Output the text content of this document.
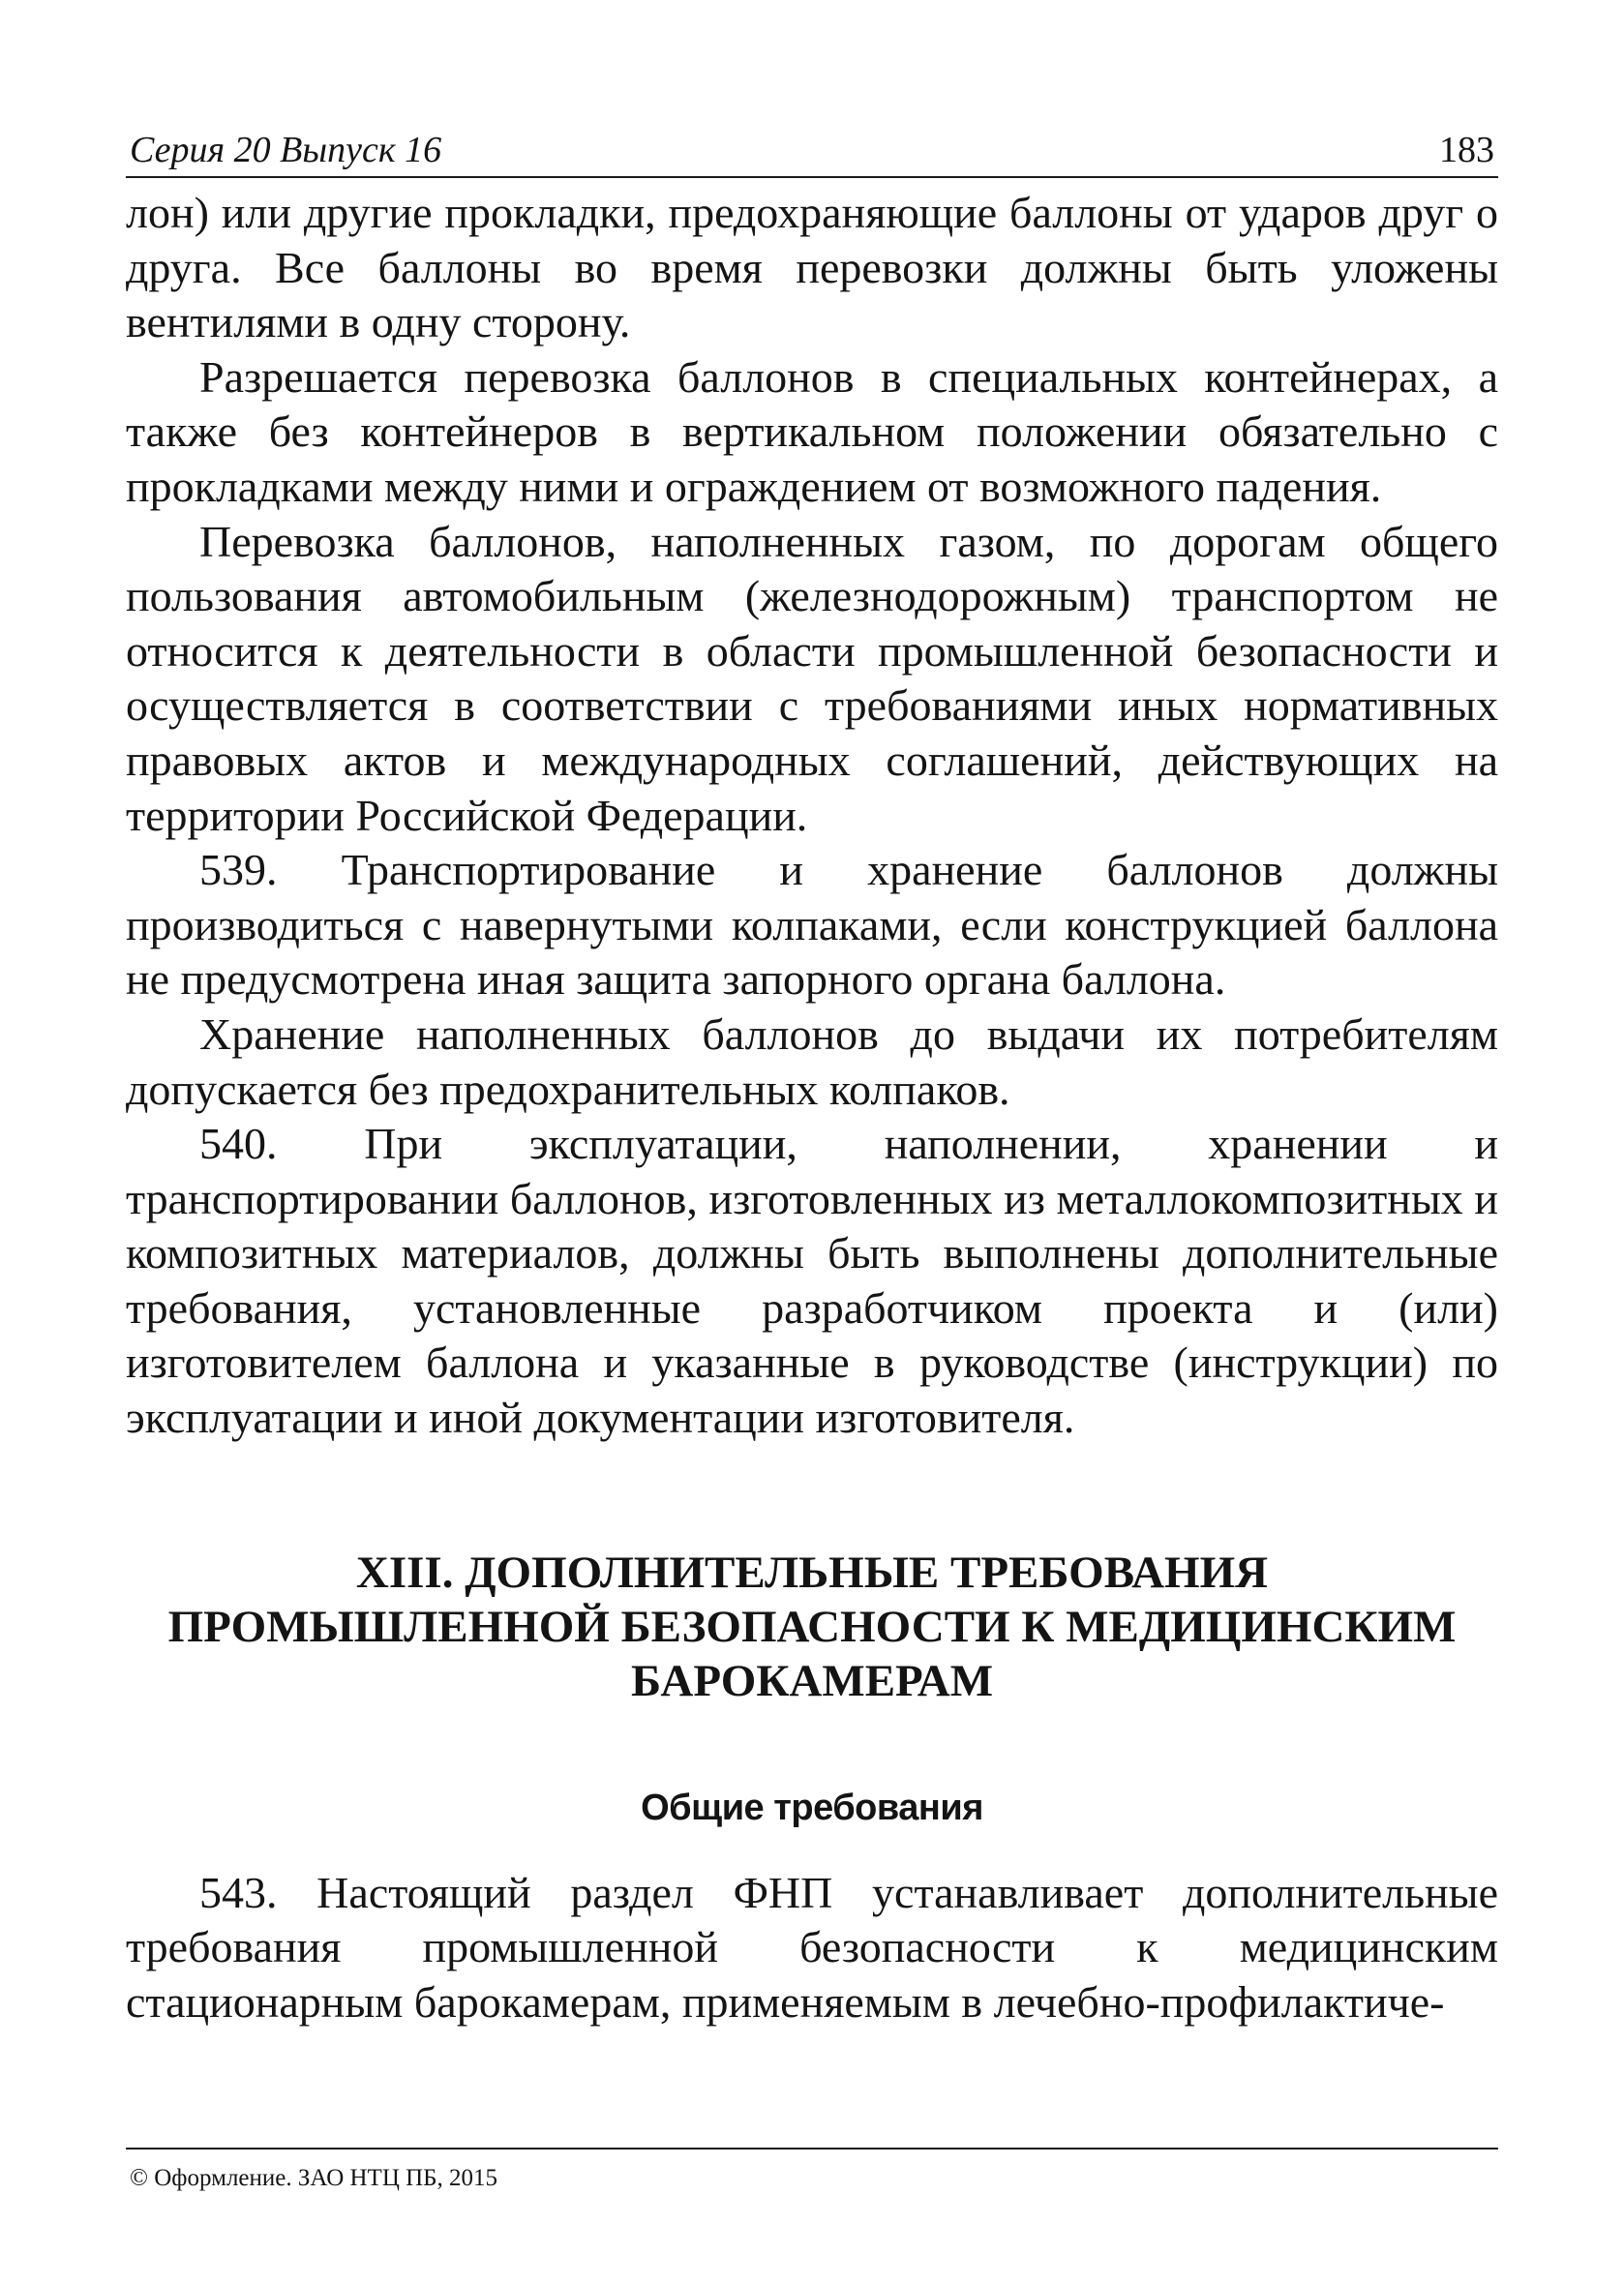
Серия 20 Выпуск 16	183

лон) или другие прокладки, предохраняющие баллоны от ударов друг о друга. Все баллоны во время перевозки должны быть уложены вентилями в одну сторону.

Разрешается перевозка баллонов в специальных контейнерах, а также без контейнеров в вертикальном положении обязательно с прокладками между ними и ограждением от возможного падения.

Перевозка баллонов, наполненных газом, по дорогам общего пользования автомобильным (железнодорожным) транспортом не относится к деятельности в области промышленной безопасности и осуществляется в соответствии с требованиями иных нормативных правовых актов и международных соглашений, действующих на территории Российской Федерации.

539. Транспортирование и хранение баллонов должны производиться с навернутыми колпаками, если конструкцией баллона не предусмотрена иная защита запорного органа баллона.

Хранение наполненных баллонов до выдачи их потребителям допускается без предохранительных колпаков.

540. При эксплуатации, наполнении, хранении и транспортировании баллонов, изготовленных из металлокомпозитных и композитных материалов, должны быть выполнены дополнительные требования, установленные разработчиком проекта и (или) изготовителем баллона и указанные в руководстве (инструкции) по эксплуатации и иной документации изготовителя.

XIII. ДОПОЛНИТЕЛЬНЫЕ ТРЕБОВАНИЯ
ПРОМЫШЛЕННОЙ БЕЗОПАСНОСТИ К МЕДИЦИНСКИМ
БАРОКАМЕРАМ
Общие требования

543. Настоящий раздел ФНП устанавливает дополнительные требования промышленной безопасности к медицинским стационарным барокамерам, применяемым в лечебно-профилактиче-

© Оформление. ЗАО НТЦ ПБ, 2015
